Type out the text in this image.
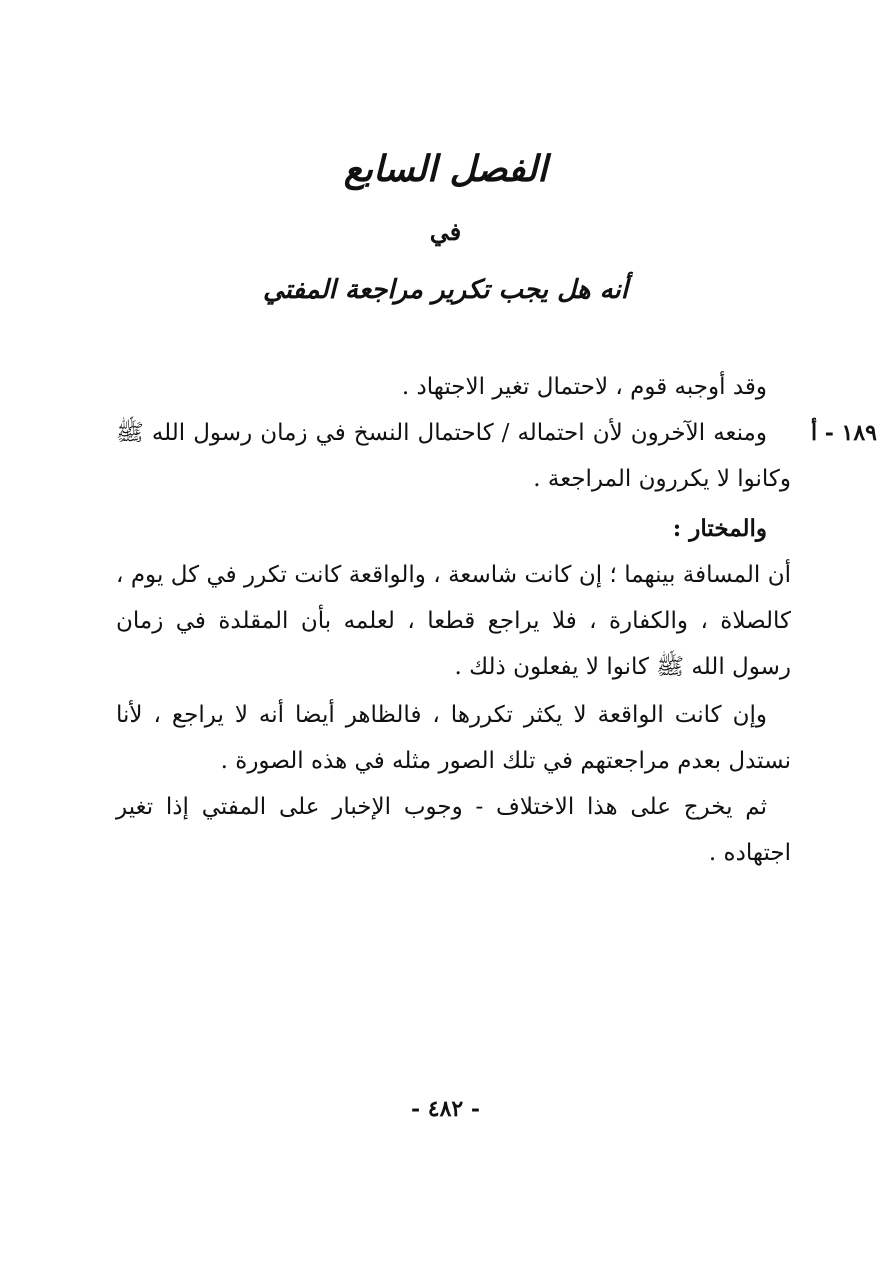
الفصل السابع
في
أنه هل يجب تكرير مراجعة المفتي
١٨٩ - أ
وقد أوجبه قوم ، لاحتمال تغير الاجتهاد .
ومنعه الآخرون لأن احتماله / كاحتمال النسخ في زمان رسول الله ﷺ وكانوا لا يكررون المراجعة .
والمختار :
أن المسافة بينهما ؛ إن كانت شاسعة ، والواقعة كانت تكرر في كل يوم ، كالصلاة ، والكفارة ، فلا يراجع قطعا ، لعلمه بأن المقلدة في زمان رسول الله ﷺ كانوا لا يفعلون ذلك .
وإن كانت الواقعة لا يكثر تكررها ، فالظاهر أيضا أنه لا يراجع ، لأنا نستدل بعدم مراجعتهم في تلك الصور مثله في هذه الصورة .
ثم يخرج على هذا الاختلاف - وجوب الإخبار على المفتي إذا تغير اجتهاده .
- ٤٨٢ -
